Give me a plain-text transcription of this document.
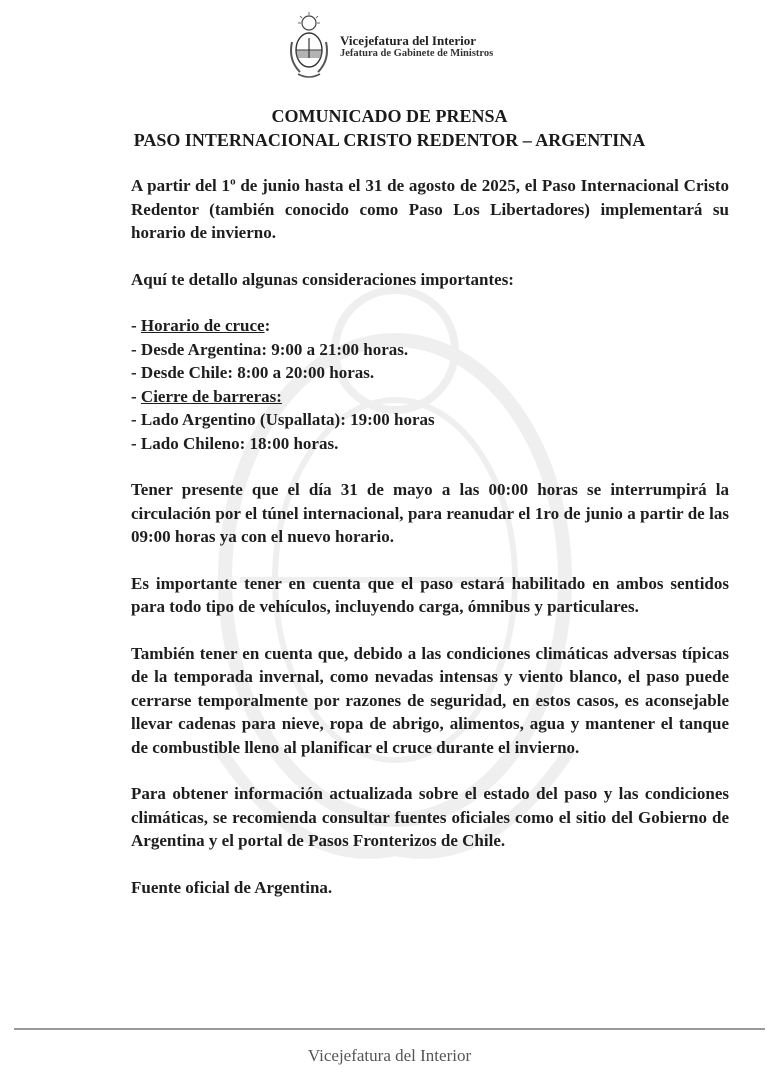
Vicejefatura del Interior
Jefatura de Gabinete de Ministros
COMUNICADO DE PRENSA
PASO INTERNACIONAL CRISTO REDENTOR – ARGENTINA

A partir del 1$^o$ de junio hasta el 31 de agosto de 2025, el Paso Internacional Cristo Redentor (también conocido como Paso Los Libertadores) implementará su horario de invierno.

Aquí te detallo algunas consideraciones importantes:

- Horario de cruce:

- Desde Argentina: 9:00 a 21:00 horas.

- Desde Chile: 8:00 a 20:00 horas.

- Cierre de barreras:

- Lado Argentino (Uspallata): 19:00 horas

- Lado Chileno: 18:00 horas.

Tener presente que el día 31 de mayo a las 00:00 horas se interrumpirá la circulación por el túnel internacional, para reanudar el 1ro de junio a partir de las 09:00 horas ya con el nuevo horario.

Es importante tener en cuenta que el paso estará habilitado en ambos sentidos para todo tipo de vehículos, incluyendo carga, ómnibus y particulares.

También tener en cuenta que, debido a las condiciones climáticas adversas típicas de la temporada invernal, como nevadas intensas y viento blanco, el paso puede cerrarse temporalmente por razones de seguridad, en estos casos, es aconsejable llevar cadenas para nieve, ropa de abrigo, alimentos, agua y mantener el tanque de combustible lleno al planificar el cruce durante el invierno.

Para obtener información actualizada sobre el estado del paso y las condiciones climáticas, se recomienda consultar fuentes oficiales como el sitio del Gobierno de Argentina y el portal de Pasos Fronterizos de Chile.

Fuente oficial de Argentina.

Vicejefatura del Interior
